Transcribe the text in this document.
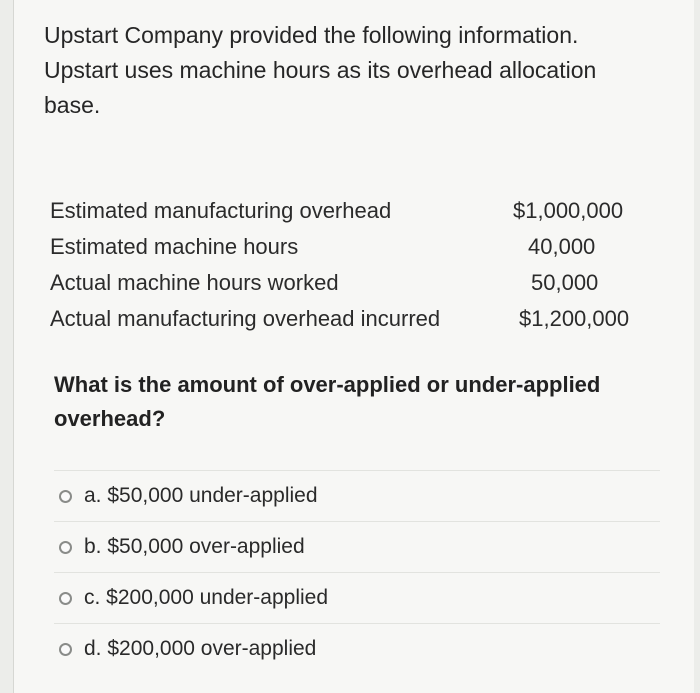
Upstart Company provided the following information.
Upstart uses machine hours as its overhead allocation
base.
Estimated manufacturing overhead	$1,000,000
Estimated machine hours	40,000
Actual machine hours worked	50,000
Actual manufacturing overhead incurred	$1,200,000
What is the amount of over-applied or under-applied
overhead?
a. $50,000 under-applied
b. $50,000 over-applied
c. $200,000 under-applied
d. $200,000 over-applied
